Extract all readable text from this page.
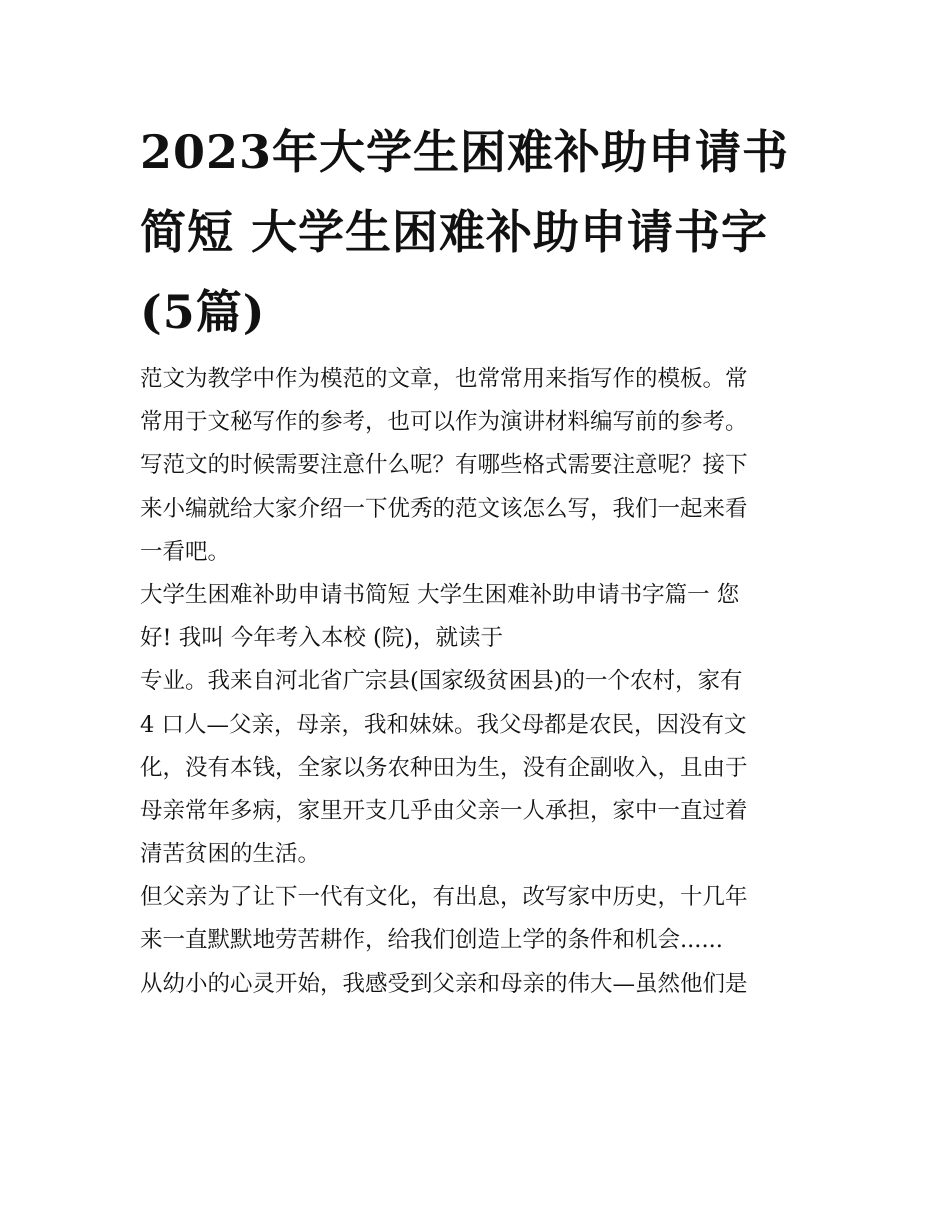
2023年大学生困难补助申请书
简短 大学生困难补助申请书字
(5篇)
范文为教学中作为模范的文章，也常常用来指写作的模板。常
常用于文秘写作的参考，也可以作为演讲材料编写前的参考。
写范文的时候需要注意什么呢？有哪些格式需要注意呢？接下
来小编就给大家介绍一下优秀的范文该怎么写，我们一起来看
一看吧。
大学生困难补助申请书简短 大学生困难补助申请书字篇一 您
好! 我叫 今年考入本校 (院)，就读于
专业。我来自河北省广宗县(国家级贫困县)的一个农村，家有
4 口人—父亲，母亲，我和妹妹。我父母都是农民，因没有文
化，没有本钱，全家以务农种田为生，没有企副收入，且由于
母亲常年多病，家里开支几乎由父亲一人承担，家中一直过着
清苦贫困的生活。
但父亲为了让下一代有文化，有出息，改写家中历史，十几年
来一直默默地劳苦耕作，给我们创造上学的条件和机会......
从幼小的心灵开始，我感受到父亲和母亲的伟大—虽然他们是
